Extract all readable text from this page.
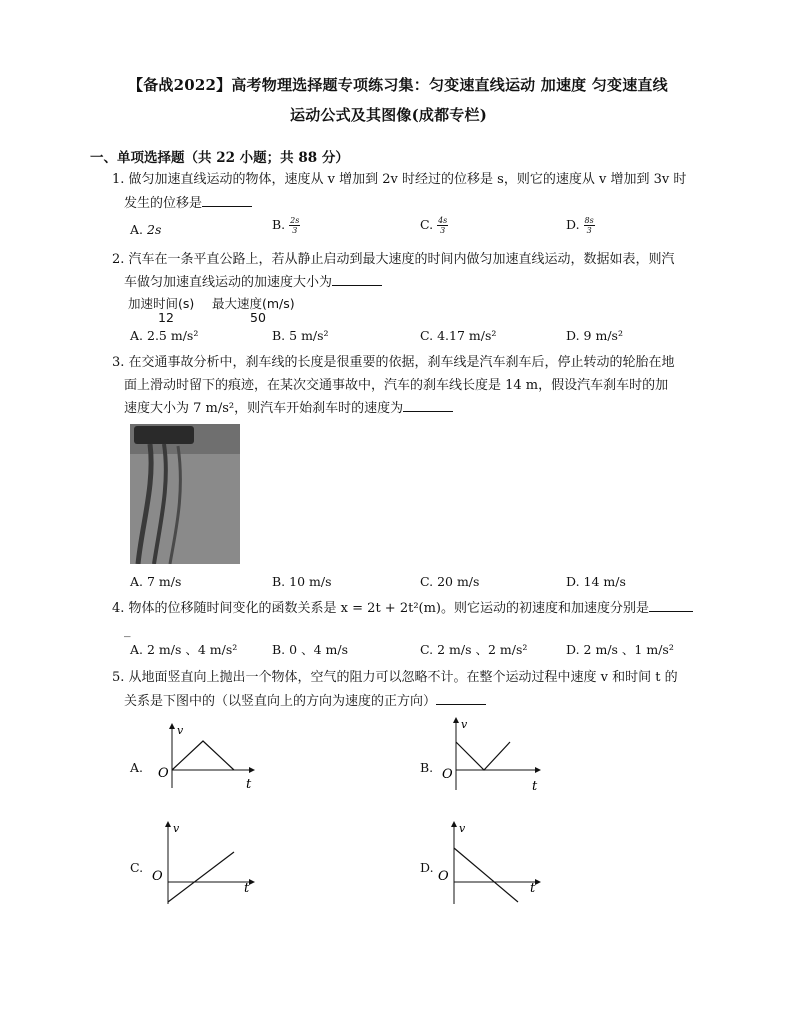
【备战2022】高考物理选择题专项练习集：匀变速直线运动 加速度 匀变速直线
运动公式及其图像(成都专栏)
一、单项选择题（共 22 小题；共 88 分）
1. 做匀加速直线运动的物体，速度从 v 增加到 2v 时经过的位移是 s，则它的速度从 v 增加到 3v 时
发生的位移是
A. 2s	B. $\frac{2s}{3}$	C. $\frac{4s}{3}$	D. $\frac{8s}{3}$
2. 汽车在一条平直公路上，若从静止启动到最大速度的时间内做匀加速直线运动，数据如表，则汽
车做匀加速直线运动的加速度大小为
加速时间(s) 最大速度(m/s)
12	50
A. 2.5 m/s²	B. 5 m/s²	C. 4.17 m/s²	D. 9 m/s²
3. 在交通事故分析中，刹车线的长度是很重要的依据，刹车线是汽车刹车后，停止转动的轮胎在地
面上滑动时留下的痕迹，在某次交通事故中，汽车的刹车线长度是 14 m，假设汽车刹车时的加
速度大小为 7 m/s²，则汽车开始刹车时的速度为
A. 7 m/s	B. 10 m/s	C. 20 m/s	D. 14 m/s
4. 物体的位移随时间变化的函数关系是 x = 2t + 2t²(m)。则它运动的初速度和加速度分别是
_
A. 2 m/s 、4 m/s²	B. 0 、4 m/s	C. 2 m/s 、2 m/s²	D. 2 m/s 、1 m/s²
5. 从地面竖直向上抛出一个物体，空气的阻力可以忽略不计。在整个运动过程中速度 v 和时间 t 的
关系是下图中的（以竖直向上的方向为速度的正方向）
A.
v
O
t
B.
v
O
t
C.
v
O
t
D.
v
O
t
